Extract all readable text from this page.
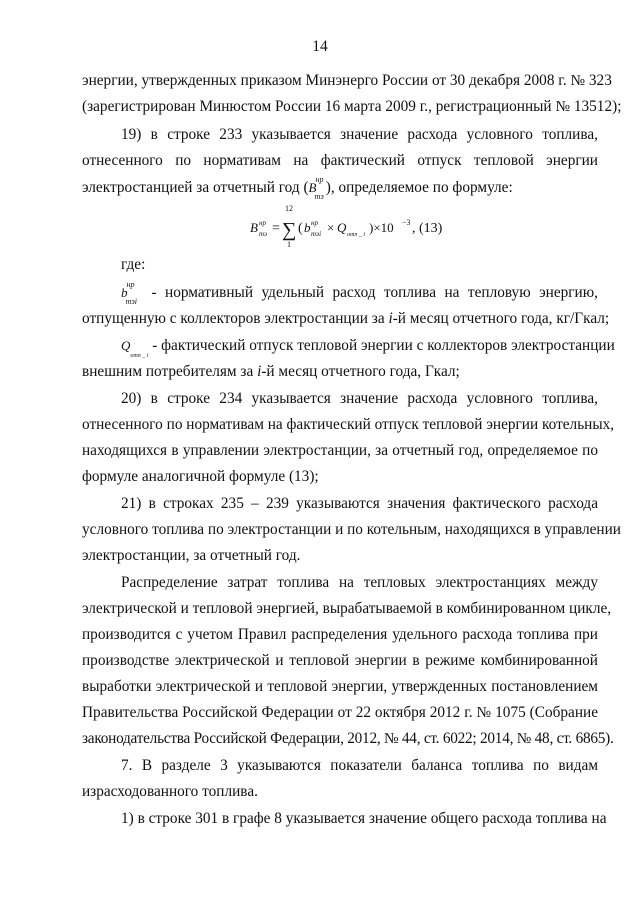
14
энергии, утвержденных приказом Минэнерго России от 30 декабря 2008 г. № 323
(зарегистрирован Минюстом России 16 марта 2009 г., регистрационный № 13512);
19) в строке 233 указывается значение расхода условного топлива,
отнесенного по нормативам на фактический отпуск тепловой энергии
электростанцией за отчетный год $(B^{нр}_{тэ})$, определяемое по формуле:
B нр
тэ =
12
∑
1
( b нр
тэi × Q отп _ i )×10 −3 , (13)
где:
$b^{нр}_{тэi}$ - нормативный удельный расход топлива на тепловую энергию,
отпущенную с коллекторов электростанции за i-й месяц отчетного года, кг/Гкал;
$Q_{отп \_ i}$ - фактический отпуск тепловой энергии с коллекторов электростанции
внешним потребителям за i-й месяц отчетного года, Гкал;
20) в строке 234 указывается значение расхода условного топлива,
отнесенного по нормативам на фактический отпуск тепловой энергии котельных,
находящихся в управлении электростанции, за отчетный год, определяемое по
формуле аналогичной формуле (13);
21) в строках 235 – 239 указываются значения фактического расхода
условного топлива по электростанции и по котельным, находящихся в управлении
электростанции, за отчетный год.
Распределение затрат топлива на тепловых электростанциях между
электрической и тепловой энергией, вырабатываемой в комбинированном цикле,
производится с учетом Правил распределения удельного расхода топлива при
производстве электрической и тепловой энергии в режиме комбинированной
выработки электрической и тепловой энергии, утвержденных постановлением
Правительства Российской Федерации от 22 октября 2012 г. № 1075 (Собрание
законодательства Российской Федерации, 2012, № 44, ст. 6022; 2014, № 48, ст. 6865).
7. В разделе 3 указываются показатели баланса топлива по видам
израсходованного топлива.
1) в строке 301 в графе 8 указывается значение общего расхода топлива на
